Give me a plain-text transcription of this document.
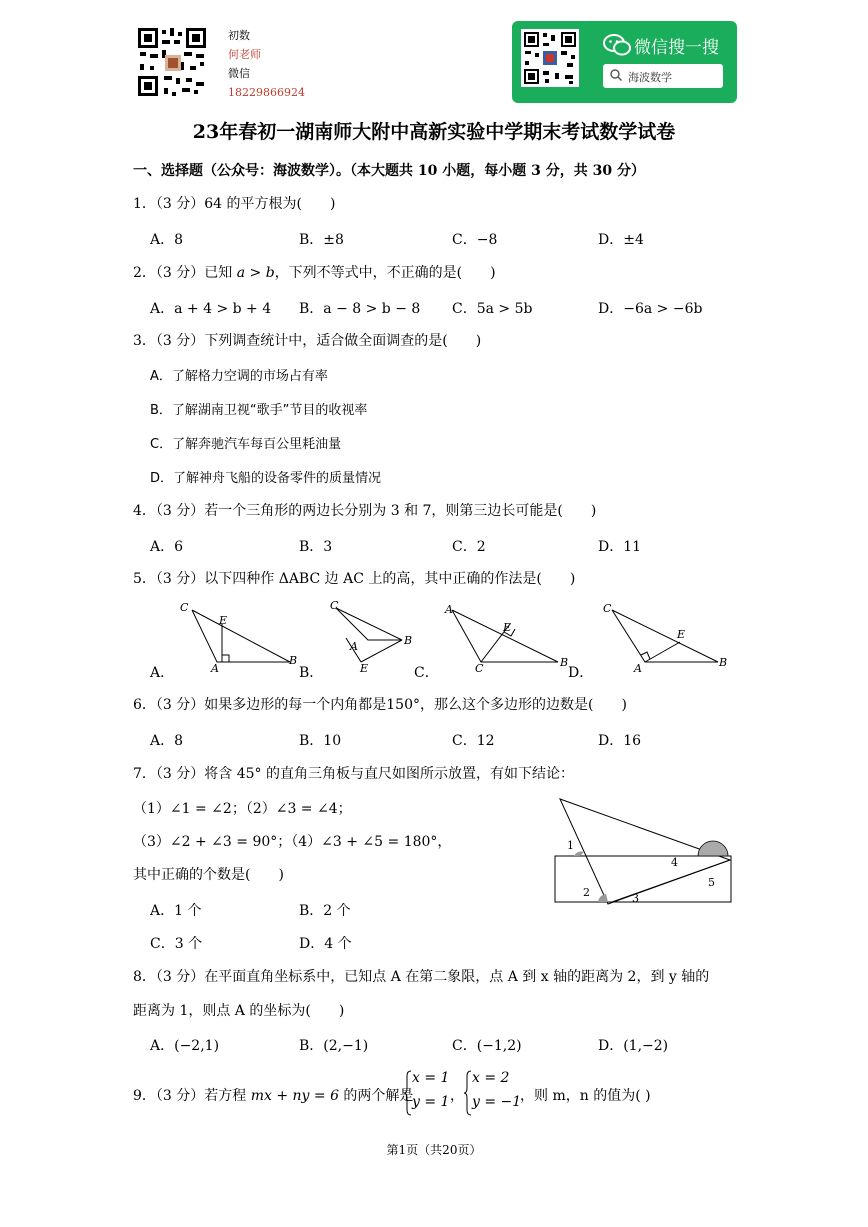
初数
何老师
微信
18229866924
微信搜一搜
海波数学
23年春初一湖南师大附中高新实验中学期末考试数学试卷
一、选择题（公众号：海波数学）。（本大题共 10 小题，每小题 3 分，共 30 分）
1．（3 分）64 的平方根为(　　)
A．8	B．±8	C．−8	D．±4
2．（3 分）已知 a > b，下列不等式中，不正确的是(　　)
A．a + 4 > b + 4 B．a − 8 > b − 8 C．5a > 5b	D．−6a > −6b
3．（3 分）下列调查统计中，适合做全面调查的是(　　)
A．了解格力空调的市场占有率
B．了解湖南卫视“歌手”节目的收视率
C．了解奔驰汽车每百公里耗油量
D．了解神舟飞船的设备零件的质量情况
4．（3 分）若一个三角形的两边长分别为 3 和 7，则第三边长可能是(　　)
A．6	B．3	C．2	D．11
5．（3 分）以下四种作 ΔABC 边 AC 上的高，其中正确的作法是(　　)
A．	B．	C．	D．
C
E
A
B
C
A	B
E
A
E
C	B
C
E
A	B
6．（3 分）如果多边形的每一个内角都是150°，那么这个多边形的边数是(　　)
A．8	B．10	C．12	D．16
7．（3 分）将含 45° 的直角三角板与直尺如图所示放置，有如下结论：
（1）∠1 = ∠2；（2）∠3 = ∠4；
（3）∠2 + ∠3 = 90°；（4）∠3 + ∠5 = 180°，
其中正确的个数是(　　)
A．1 个	B．2 个
C．3 个	D．4 个
1
2	3
4
5
8．（3 分）在平面直角坐标系中，已知点 A 在第二象限，点 A 到 x 轴的距离为 2，到 y 轴的
距离为 1，则点 A 的坐标为(　　)
A．(−2,1)	B．(2,−1)	C．(−1,2)	D．(1,−2)
9．（3 分）若方程 mx + ny = 6 的两个解是
x = 1
y = 1 ，
x = 2
y = −1
，则 m，n 的值为( )
第1页（共20页）
